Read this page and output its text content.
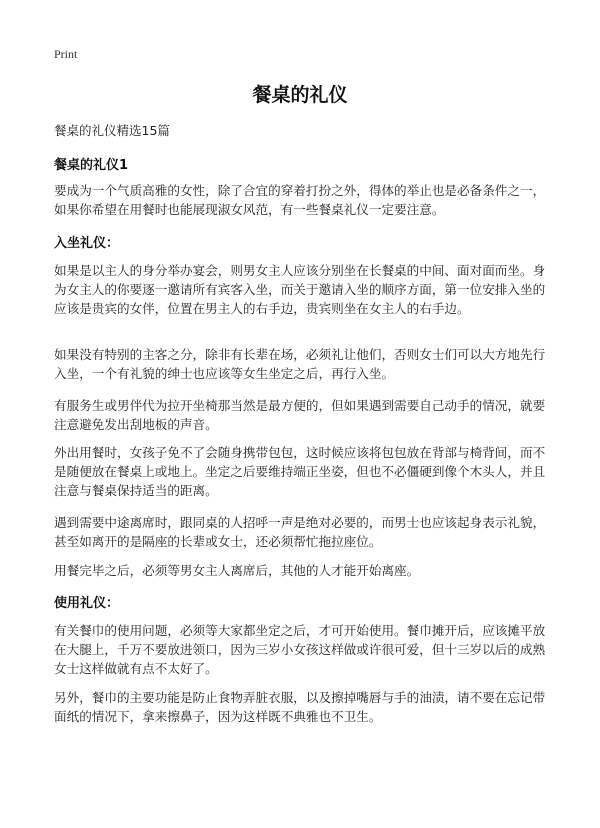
Print
餐桌的礼仪
餐桌的礼仪精选15篇
餐桌的礼仪1

要成为一个气质高雅的女性，除了合宜的穿着打扮之外，得体的举止也是必备条件之一，如果你希望在用餐时也能展现淑女风范，有一些餐桌礼仪一定要注意。

入坐礼仪：

如果是以主人的身分举办宴会，则男女主人应该分别坐在长餐桌的中间、面对面而坐。身为女主人的你要逐一邀请所有宾客入坐，而关于邀请入坐的顺序方面，第一位安排入坐的应该是贵宾的女伴，位置在男主人的右手边，贵宾则坐在女主人的右手边。

如果没有特别的主客之分，除非有长辈在场，必须礼让他们，否则女士们可以大方地先行入坐，一个有礼貌的绅士也应该等女生坐定之后，再行入坐。

有服务生或男伴代为拉开坐椅那当然是最方便的，但如果遇到需要自己动手的情况，就要注意避免发出刮地板的声音。

外出用餐时，女孩子免不了会随身携带包包，这时候应该将包包放在背部与椅背间，而不是随便放在餐桌上或地上。坐定之后要维持端正坐姿，但也不必僵硬到像个木头人，并且注意与餐桌保持适当的距离。

遇到需要中途离席时，跟同桌的人招呼一声是绝对必要的，而男士也应该起身表示礼貌，甚至如离开的是隔座的长辈或女士，还必须帮忙拖拉座位。

用餐完毕之后，必须等男女主人离席后，其他的人才能开始离座。

使用礼仪：

有关餐巾的使用问题，必须等大家都坐定之后，才可开始使用。餐巾摊开后，应该摊平放在大腿上，千万不要放进领口，因为三岁小女孩这样做或许很可爱，但十三岁以后的成熟女士这样做就有点不太好了。

另外，餐巾的主要功能是防止食物弄脏衣服，以及擦掉嘴唇与手的油渍，请不要在忘记带面纸的情况下，拿来擦鼻子，因为这样既不典雅也不卫生。
